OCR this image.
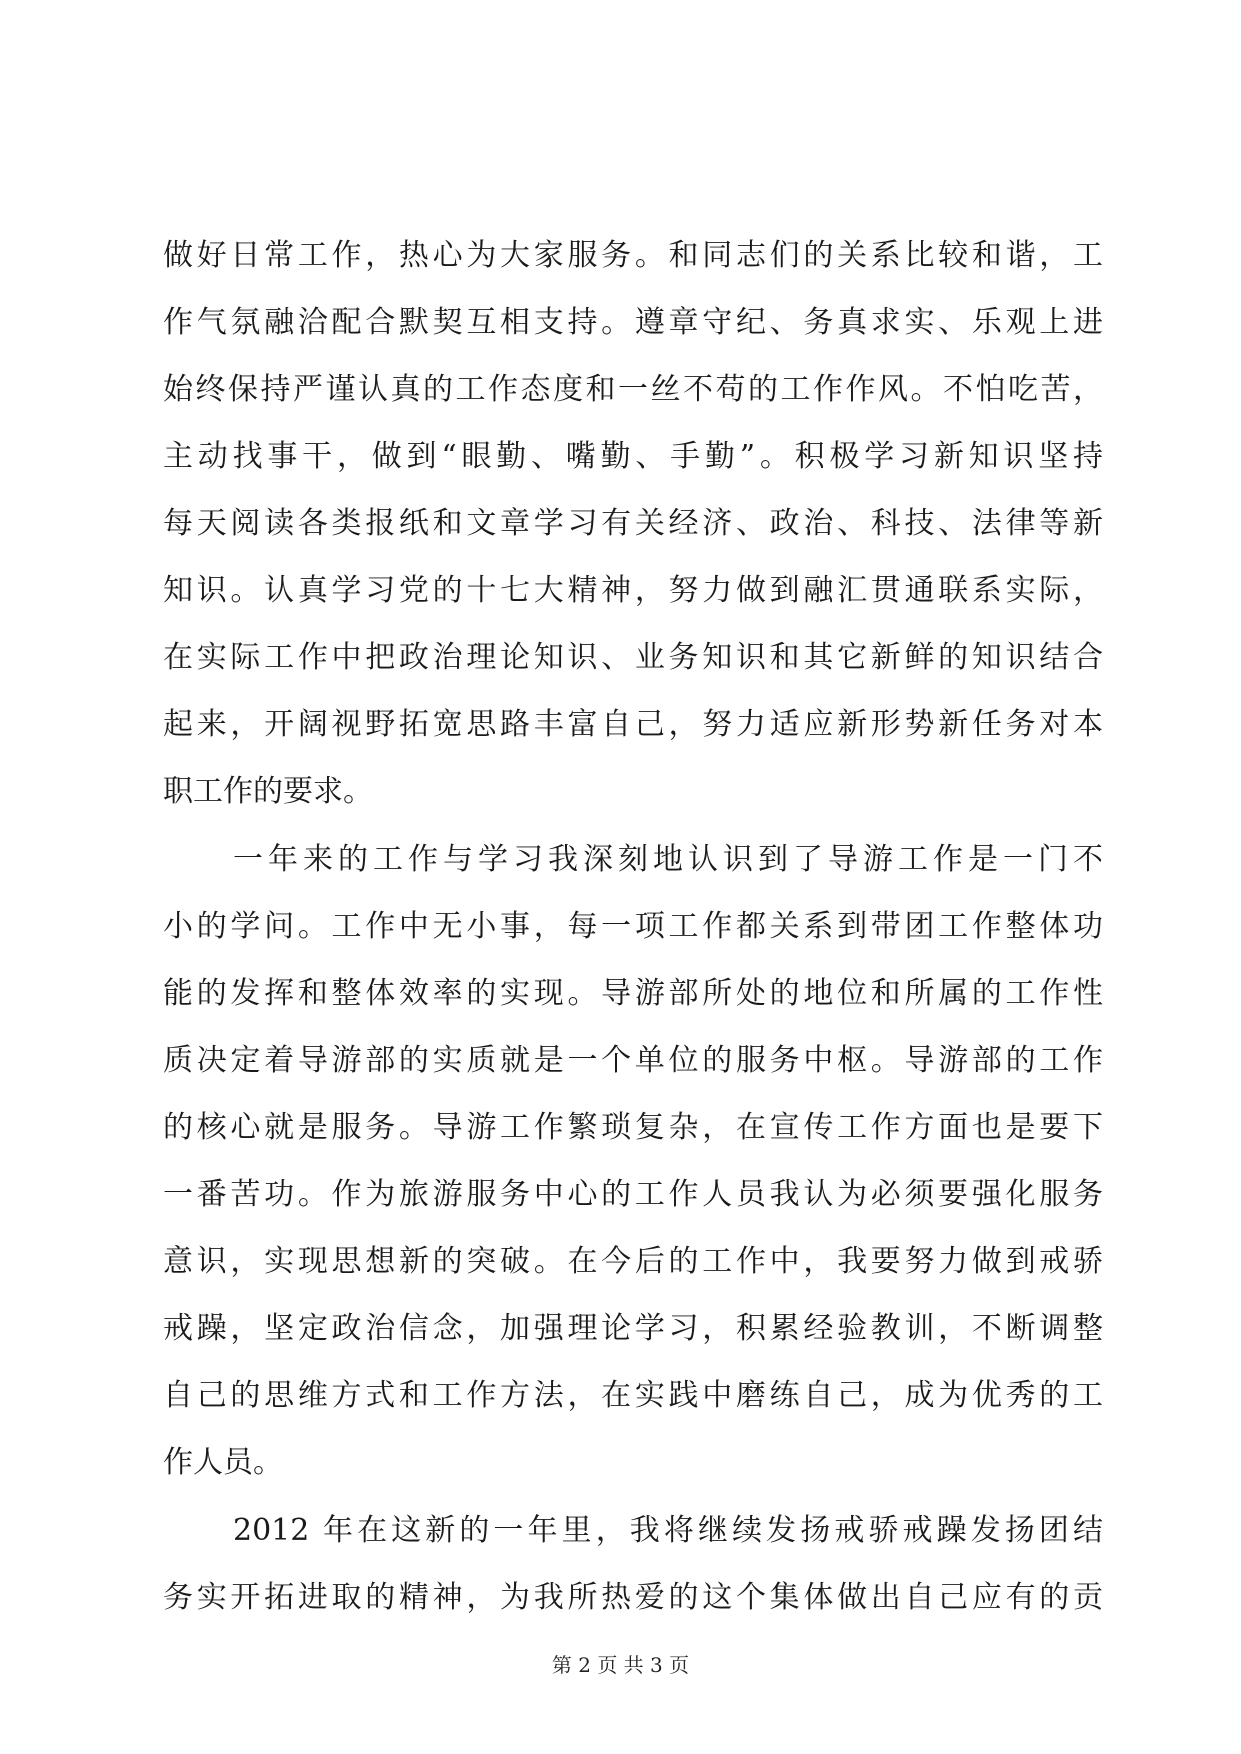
做好日常工作，热心为大家服务。和同志们的关系比较和谐，工
作气氛融洽配合默契互相支持。遵章守纪、务真求实、乐观上进
始终保持严谨认真的工作态度和一丝不苟的工作作风。不怕吃苦，
主动找事干，做到“眼勤、嘴勤、手勤”。积极学习新知识坚持
每天阅读各类报纸和文章学习有关经济、政治、科技、法律等新
知识。认真学习党的十七大精神，努力做到融汇贯通联系实际，
在实际工作中把政治理论知识、业务知识和其它新鲜的知识结合
起来，开阔视野拓宽思路丰富自己，努力适应新形势新任务对本
职工作的要求。
一年来的工作与学习我深刻地认识到了导游工作是一门不
小的学问。工作中无小事，每一项工作都关系到带团工作整体功
能的发挥和整体效率的实现。导游部所处的地位和所属的工作性
质决定着导游部的实质就是一个单位的服务中枢。导游部的工作
的核心就是服务。导游工作繁琐复杂，在宣传工作方面也是要下
一番苦功。作为旅游服务中心的工作人员我认为必须要强化服务
意识，实现思想新的突破。在今后的工作中，我要努力做到戒骄
戒躁，坚定政治信念，加强理论学习，积累经验教训，不断调整
自己的思维方式和工作方法，在实践中磨练自己，成为优秀的工
作人员。
2012 年在这新的一年里，我将继续发扬戒骄戒躁发扬团结
务实开拓进取的精神，为我所热爱的这个集体做出自己应有的贡
第 2 页 共 3 页
